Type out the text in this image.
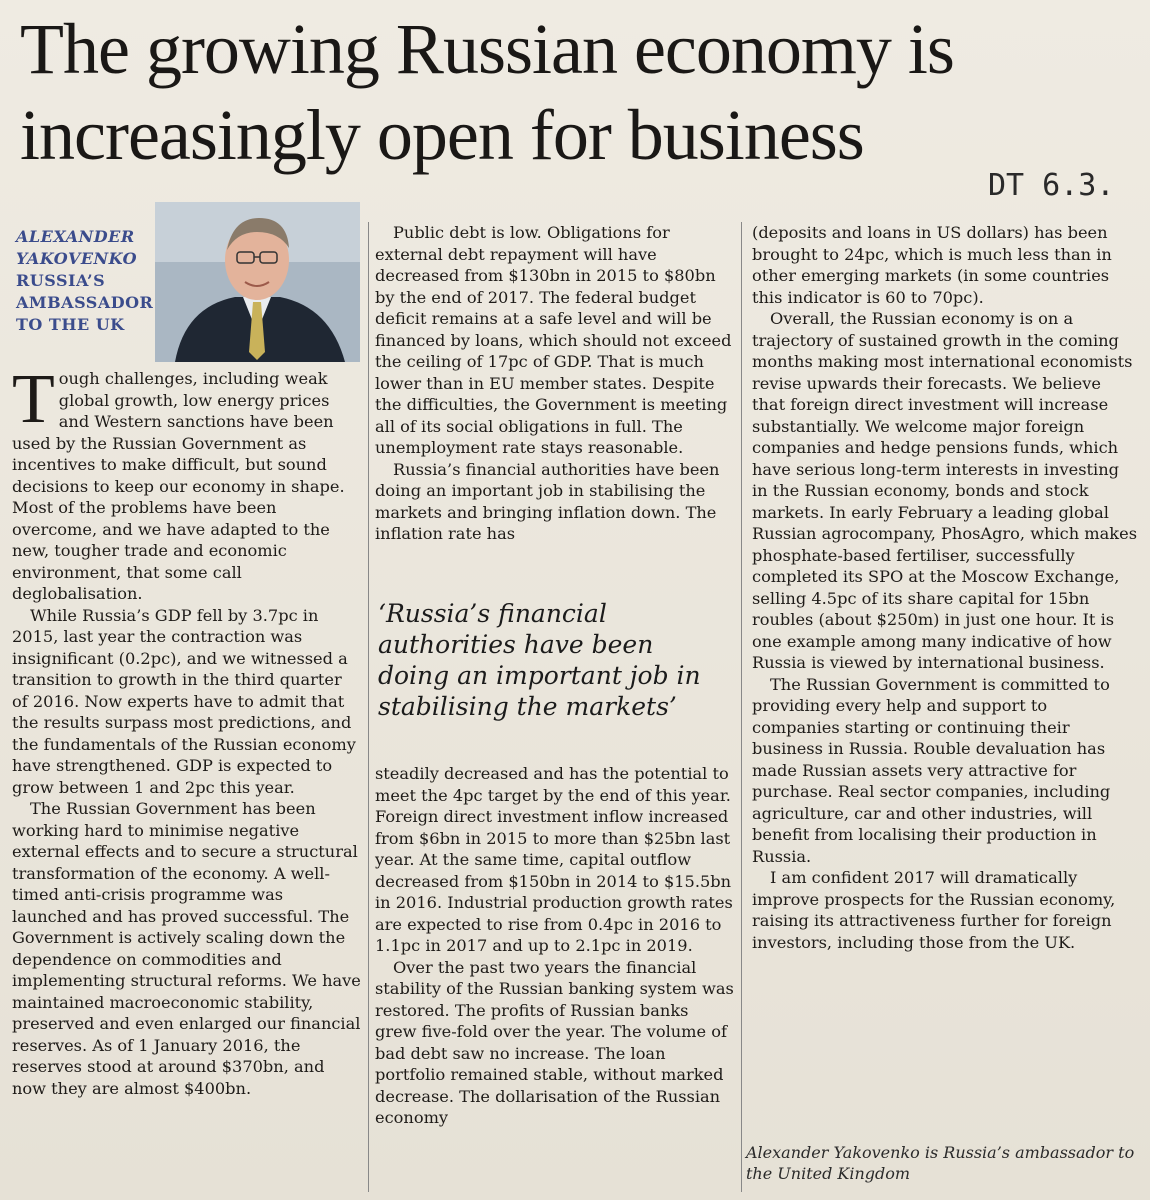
The growing Russian economy is increasingly open for business
DT 6.3.
ALEXANDER
YAKOVENKO
RUSSIA’S
AMBASSADOR
TO THE UK

Tough challenges, including weak global growth, low energy prices and Western sanctions have been used by the Russian Government as incentives to make difficult, but sound decisions to keep our economy in shape. Most of the problems have been overcome, and we have adapted to the new, tougher trade and economic environment, that some call deglobalisation.

While Russia’s GDP fell by 3.7pc in 2015, last year the contraction was insignificant (0.2pc), and we witnessed a transition to growth in the third quarter of 2016. Now experts have to admit that the results surpass most predictions, and the fundamentals of the Russian economy have strengthened. GDP is expected to grow between 1 and 2pc this year.

The Russian Government has been working hard to minimise negative external effects and to secure a structural transformation of the economy. A well-timed anti-crisis programme was launched and has proved successful. The Government is actively scaling down the dependence on commodities and implementing structural reforms. We have maintained macroeconomic stability, preserved and even enlarged our financial reserves. As of 1 January 2016, the reserves stood at around $370bn, and now they are almost $400bn.

Public debt is low. Obligations for external debt repayment will have decreased from $130bn in 2015 to $80bn by the end of 2017. The federal budget deficit remains at a safe level and will be financed by loans, which should not exceed the ceiling of 17pc of GDP. That is much lower than in EU member states. Despite the difficulties, the Government is meeting all of its social obligations in full. The unemployment rate stays reasonable.

Russia’s financial authorities have been doing an important job in stabilising the markets and bringing inflation down. The inflation rate has

‘Russia’s financial authorities have been doing an important job in stabilising the markets’

steadily decreased and has the potential to meet the 4pc target by the end of this year. Foreign direct investment inflow increased from $6bn in 2015 to more than $25bn last year. At the same time, capital outflow decreased from $150bn in 2014 to $15.5bn in 2016. Industrial production growth rates are expected to rise from 0.4pc in 2016 to 1.1pc in 2017 and up to 2.1pc in 2019.

Over the past two years the financial stability of the Russian banking system was restored. The profits of Russian banks grew five-fold over the year. The volume of bad debt saw no increase. The loan portfolio remained stable, without marked decrease. The dollarisation of the Russian economy

(deposits and loans in US dollars) has been brought to 24pc, which is much less than in other emerging markets (in some countries this indicator is 60 to 70pc).

Overall, the Russian economy is on a trajectory of sustained growth in the coming months making most international economists revise upwards their forecasts. We believe that foreign direct investment will increase substantially. We welcome major foreign companies and hedge pensions funds, which have serious long-term interests in investing in the Russian economy, bonds and stock markets. In early February a leading global Russian agrocompany, PhosAgro, which makes phosphate-based fertiliser, successfully completed its SPO at the Moscow Exchange, selling 4.5pc of its share capital for 15bn roubles (about $250m) in just one hour. It is one example among many indicative of how Russia is viewed by international business.

The Russian Government is committed to providing every help and support to companies starting or continuing their business in Russia. Rouble devaluation has made Russian assets very attractive for purchase. Real sector companies, including agriculture, car and other industries, will benefit from localising their production in Russia.

I am confident 2017 will dramatically improve prospects for the Russian economy, raising its attractiveness further for foreign investors, including those from the UK.

Alexander Yakovenko is Russia’s ambassador to the United Kingdom
